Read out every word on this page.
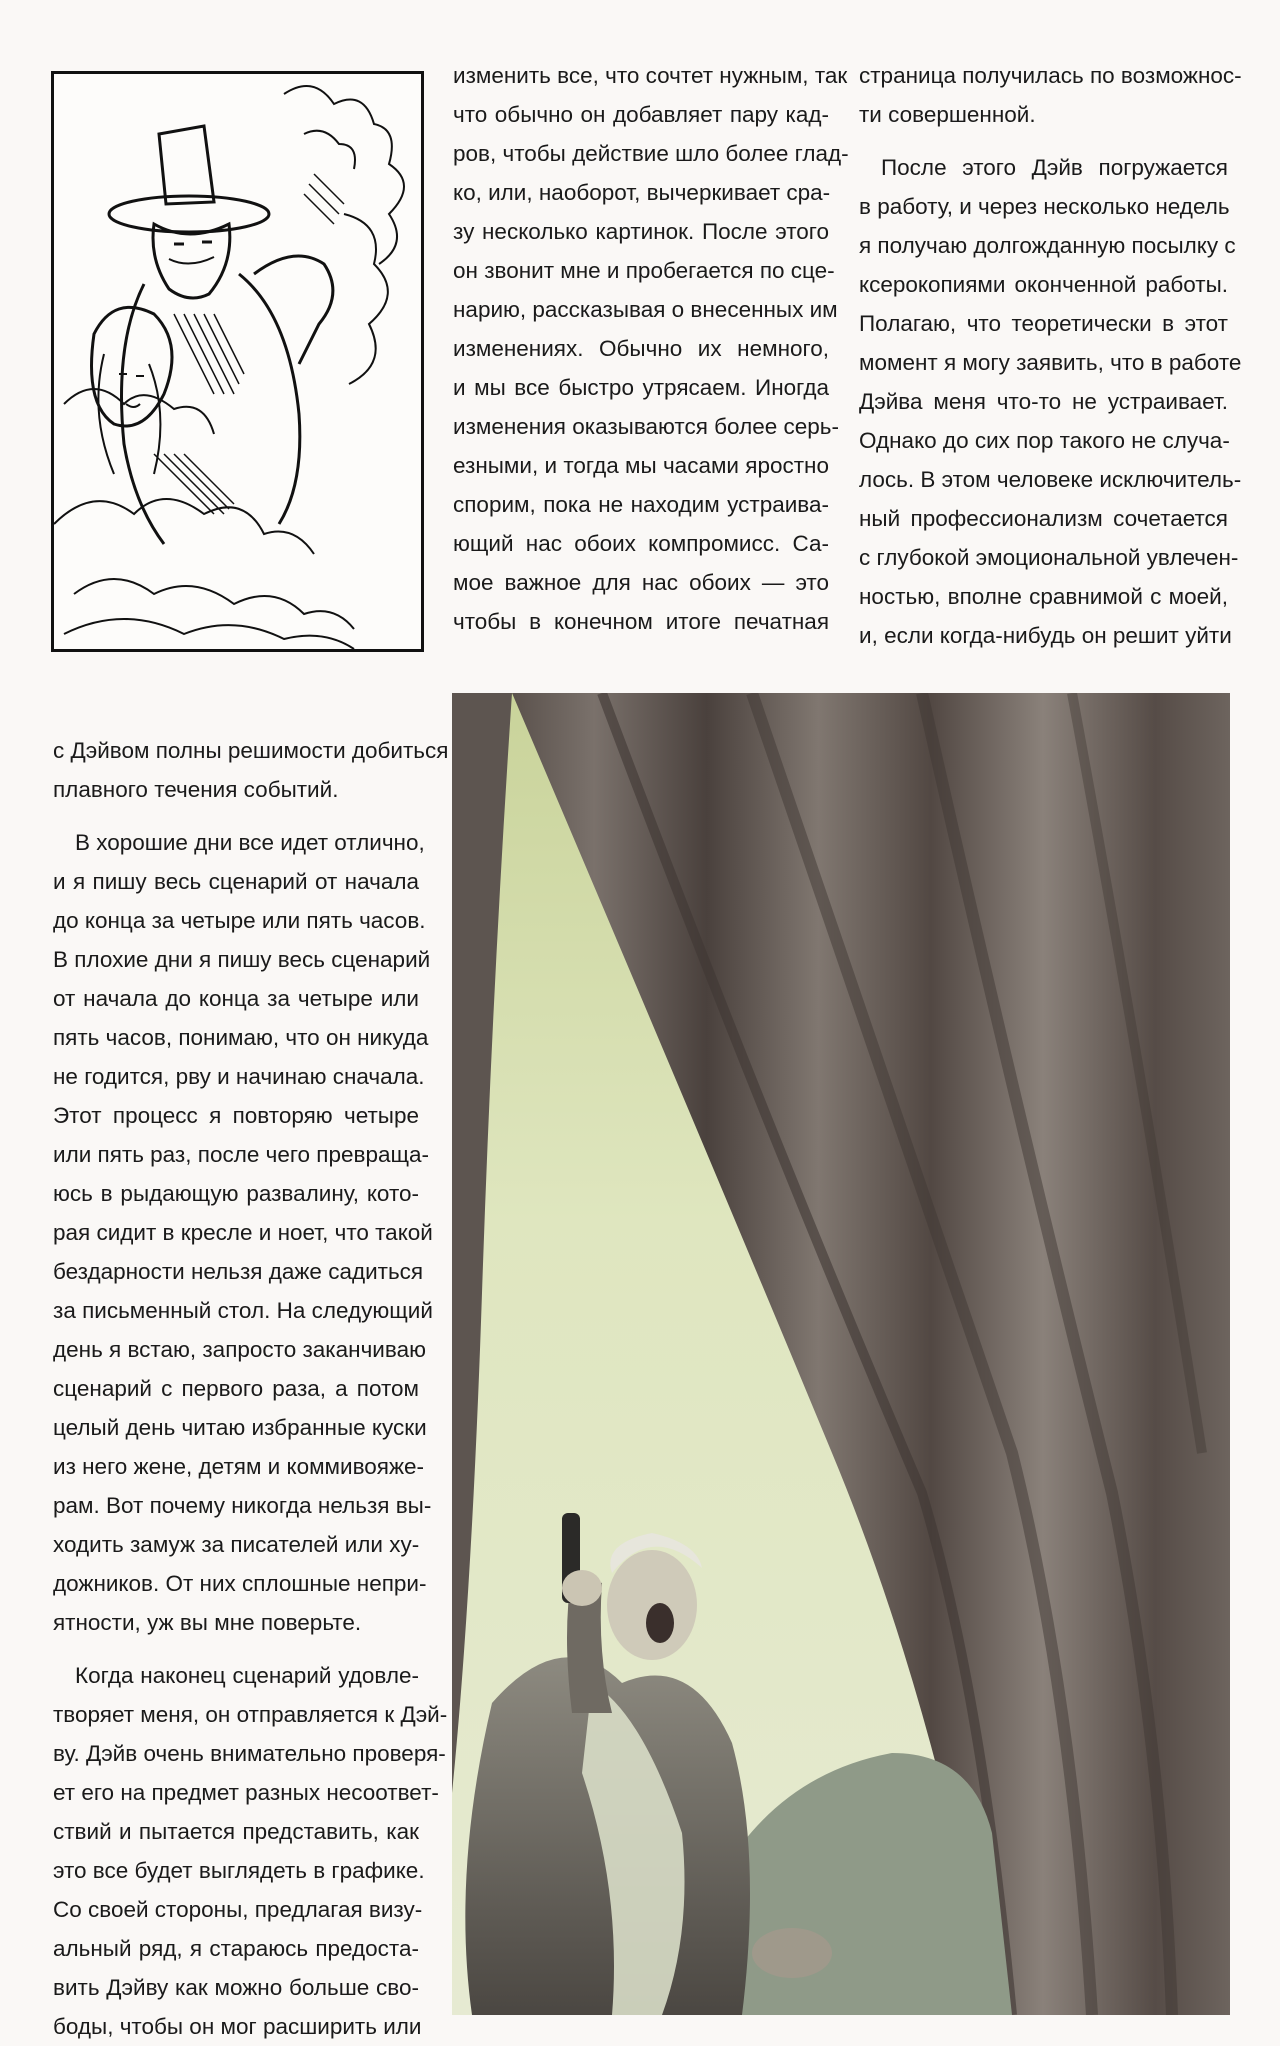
изменить все, что сочтет нужным, так
что обычно он добавляет пару кад-
ров, чтобы действие шло более глад-
ко, или, наоборот, вычеркивает сра-
зу несколько картинок. После этого
он звонит мне и пробегается по сце-
нарию, рассказывая о внесенных им
изменениях. Обычно их немного,
и мы все быстро утрясаем. Иногда
изменения оказываются более серь-
езными, и тогда мы часами яростно
спорим, пока не находим устраива-
ющий нас обоих компромисс. Са-
мое важное для нас обоих — это
чтобы в конечном итоге печатная

страница получилась по возможнос-
ти совершенной.

После этого Дэйв погружается
в работу, и через несколько недель
я получаю долгожданную посылку с
ксерокопиями оконченной работы.
Полагаю, что теоретически в этот
момент я могу заявить, что в работе
Дэйва меня что-то не устраивает.
Однако до сих пор такого не случа-
лось. В этом человеке исключитель-
ный профессионализм сочетается
с глубокой эмоциональной увлечен-
ностью, вполне сравнимой с моей,
и, если когда-нибудь он решит уйти

с Дэйвом полны решимости добиться
плавного течения событий.

В хорошие дни все идет отлично,
и я пишу весь сценарий от начала
до конца за четыре или пять часов.
В плохие дни я пишу весь сценарий
от начала до конца за четыре или
пять часов, понимаю, что он никуда
не годится, рву и начинаю сначала.
Этот процесс я повторяю четыре
или пять раз, после чего превраща-
юсь в рыдающую развалину, кото-
рая сидит в кресле и ноет, что такой
бездарности нельзя даже садиться
за письменный стол. На следующий
день я встаю, запросто заканчиваю
сценарий с первого раза, а потом
целый день читаю избранные куски
из него жене, детям и коммивояже-
рам. Вот почему никогда нельзя вы-
ходить замуж за писателей или ху-
дожников. От них сплошные непри-
ятности, уж вы мне поверьте.

Когда наконец сценарий удовле-
творяет меня, он отправляется к Дэй-
ву. Дэйв очень внимательно проверя-
ет его на предмет разных несоответ-
ствий и пытается представить, как
это все будет выглядеть в графике.
Со своей стороны, предлагая визу-
альный ряд, я стараюсь предоста-
вить Дэйву как можно больше сво-
боды, чтобы он мог расширить или
